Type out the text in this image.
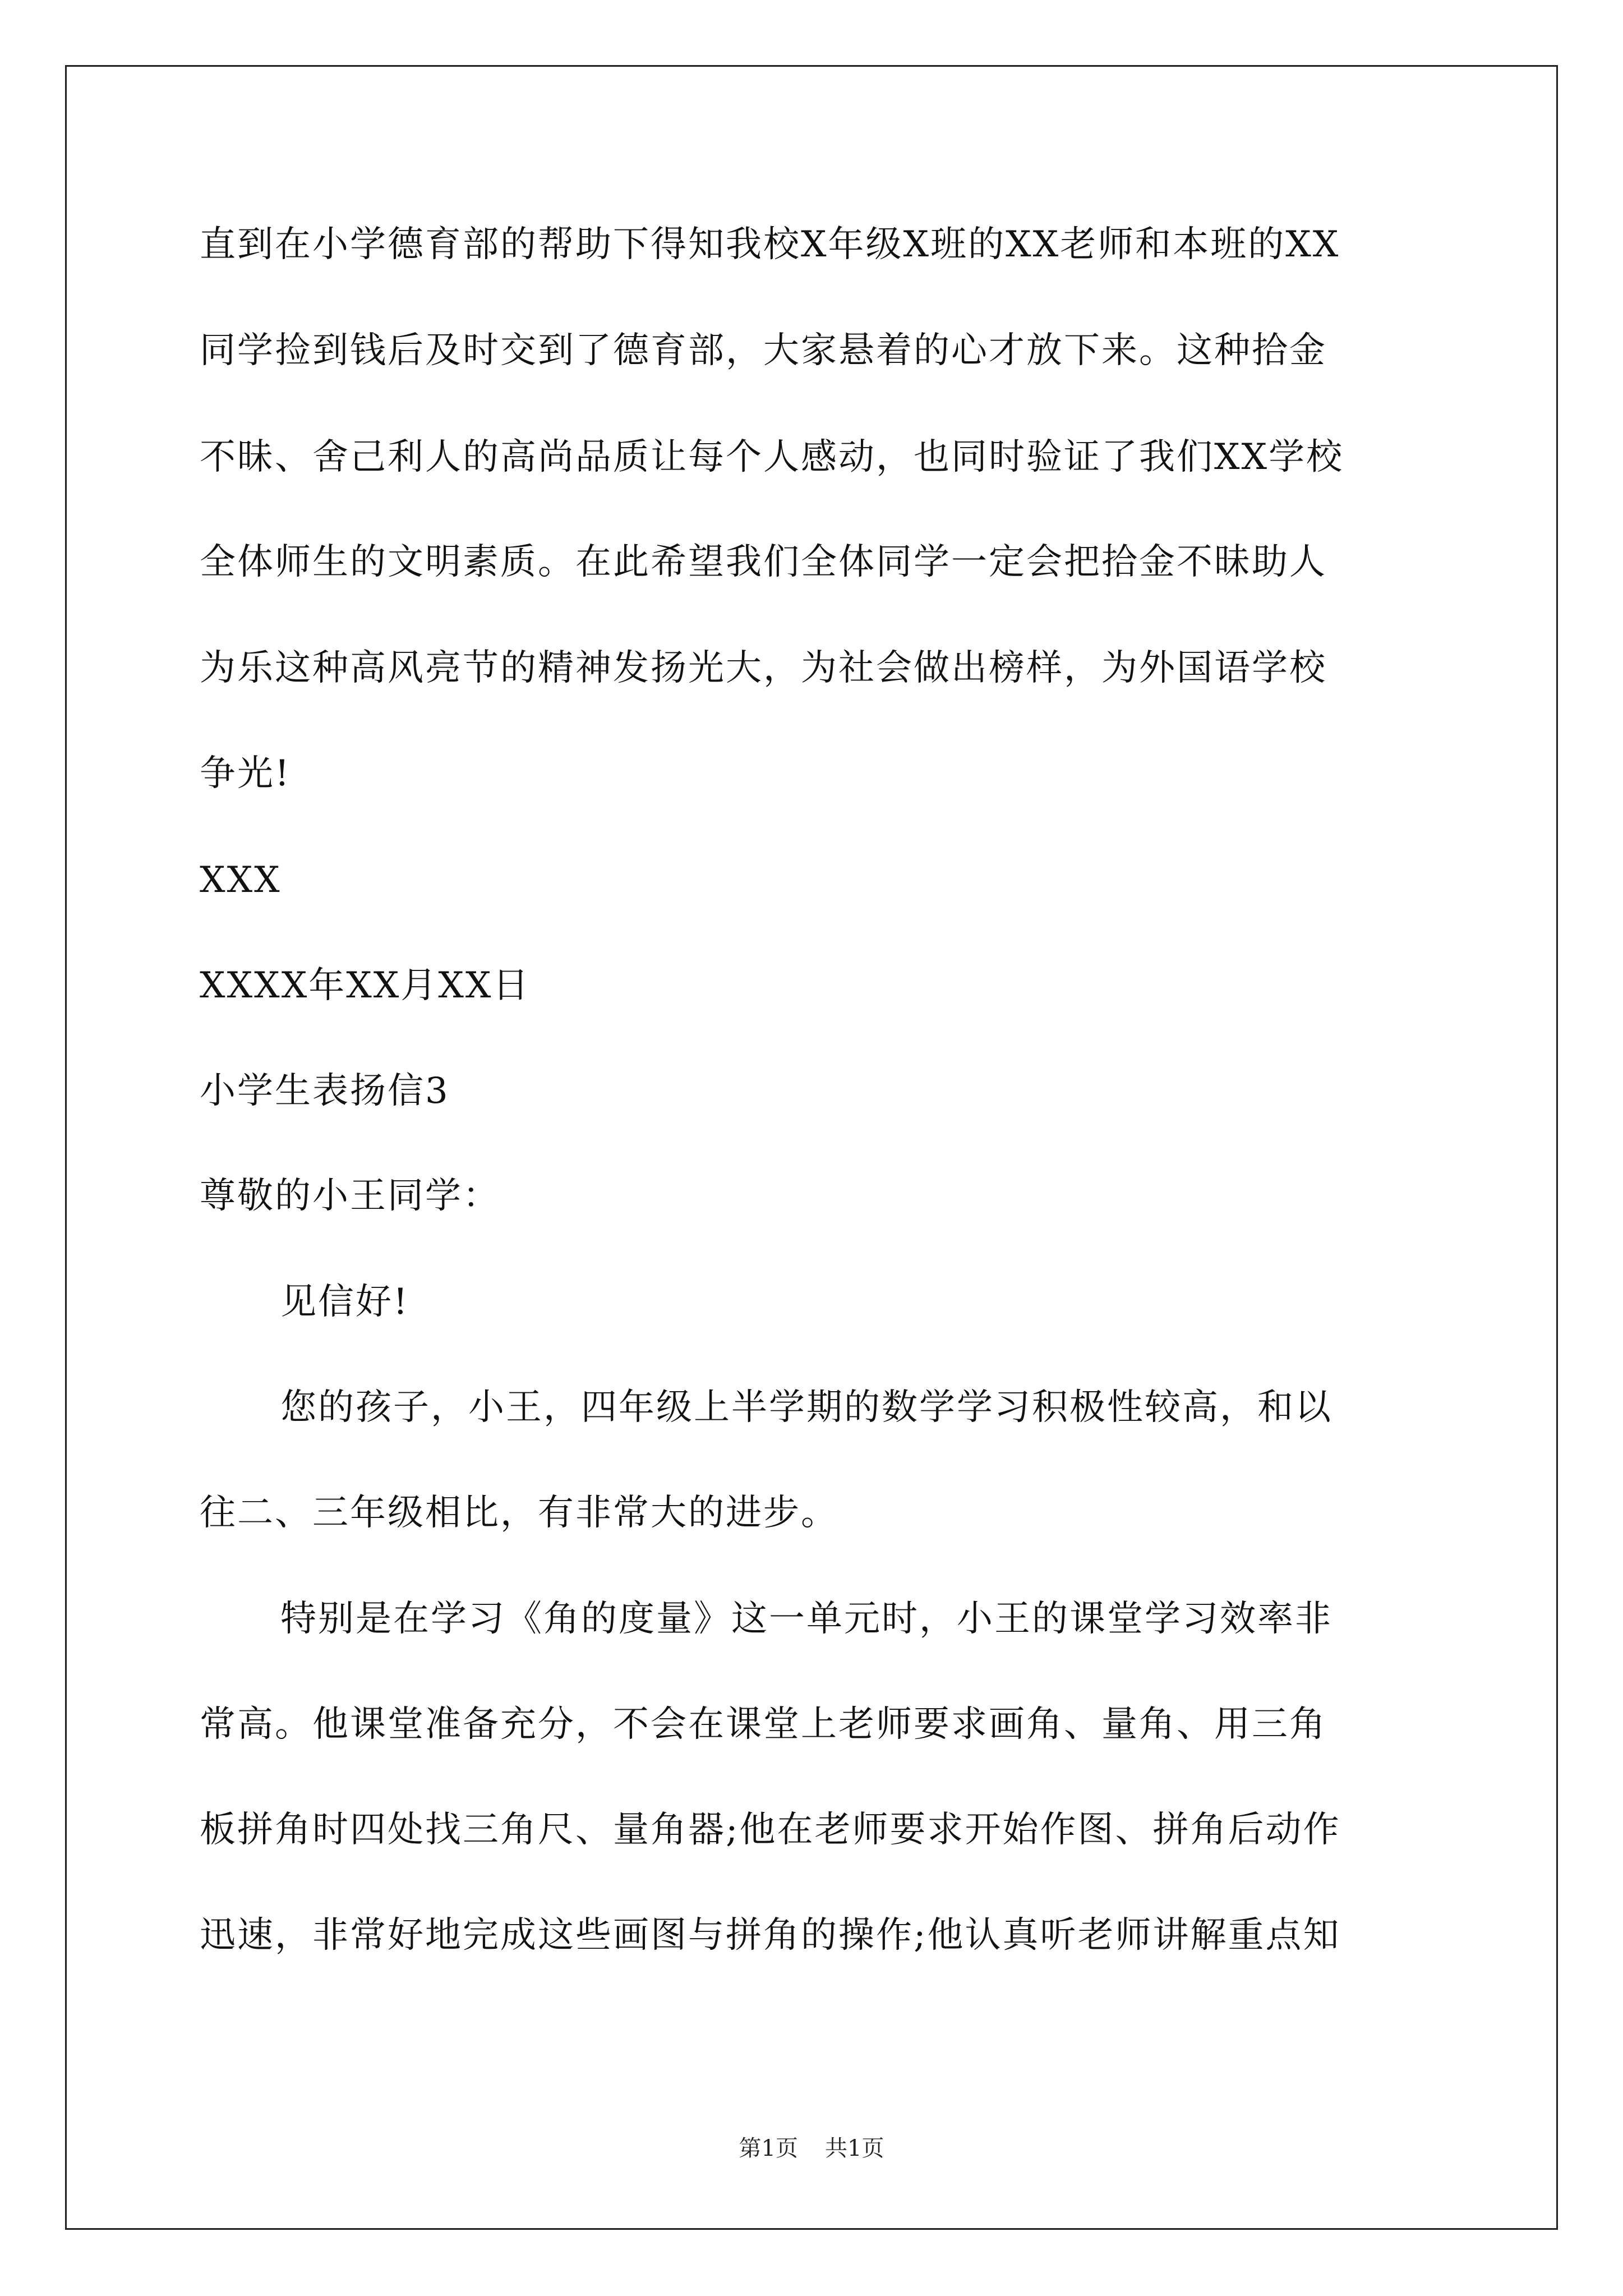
直到在小学德育部的帮助下得知我校X年级X班的XX老师和本班的XX
同学捡到钱后及时交到了德育部，大家悬着的心才放下来。这种拾金
不昧、舍己利人的高尚品质让每个人感动，也同时验证了我们XX学校
全体师生的文明素质。在此希望我们全体同学一定会把拾金不昧助人
为乐这种高风亮节的精神发扬光大，为社会做出榜样，为外国语学校
争光!
XXX
XXXX年XX月XX日
小学生表扬信3
尊敬的小王同学：
见信好!
您的孩子，小王，四年级上半学期的数学学习积极性较高，和以
往二、三年级相比，有非常大的进步。
特别是在学习《角的度量》这一单元时，小王的课堂学习效率非
常高。他课堂准备充分，不会在课堂上老师要求画角、量角、用三角
板拼角时四处找三角尺、量角器;他在老师要求开始作图、拼角后动作
迅速，非常好地完成这些画图与拼角的操作;他认真听老师讲解重点知
第1页 共1页
